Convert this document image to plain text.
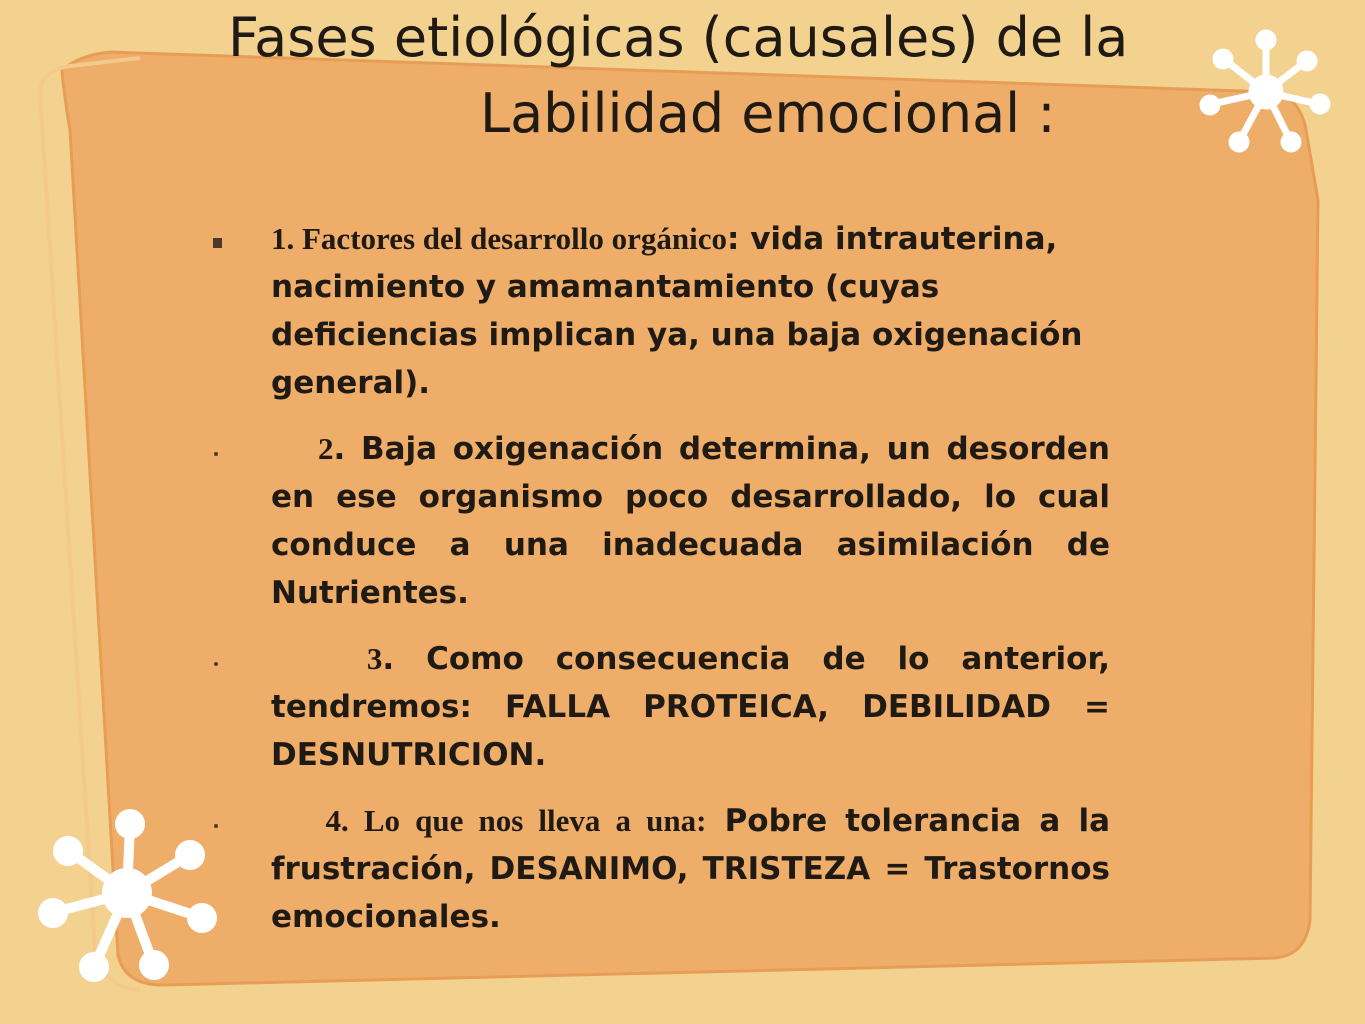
Fases etiológicas (causales) de la
Labilidad emocional :
1. Factores del desarrollo orgánico: vida intrauterina, nacimiento y amamantamiento (cuyas deficiencias implican ya, una baja oxigenación general).
2. Baja oxigenación determina, un desorden en ese organismo poco desarrollado, lo cual conduce a una inadecuada asimilación de Nutrientes.
3. Como consecuencia de lo anterior, tendremos: FALLA PROTEICA, DEBILIDAD = DESNUTRICION.
4. Lo que nos lleva a una: Pobre tolerancia a la frustración, DESANIMO, TRISTEZA = Trastornos emocionales.
